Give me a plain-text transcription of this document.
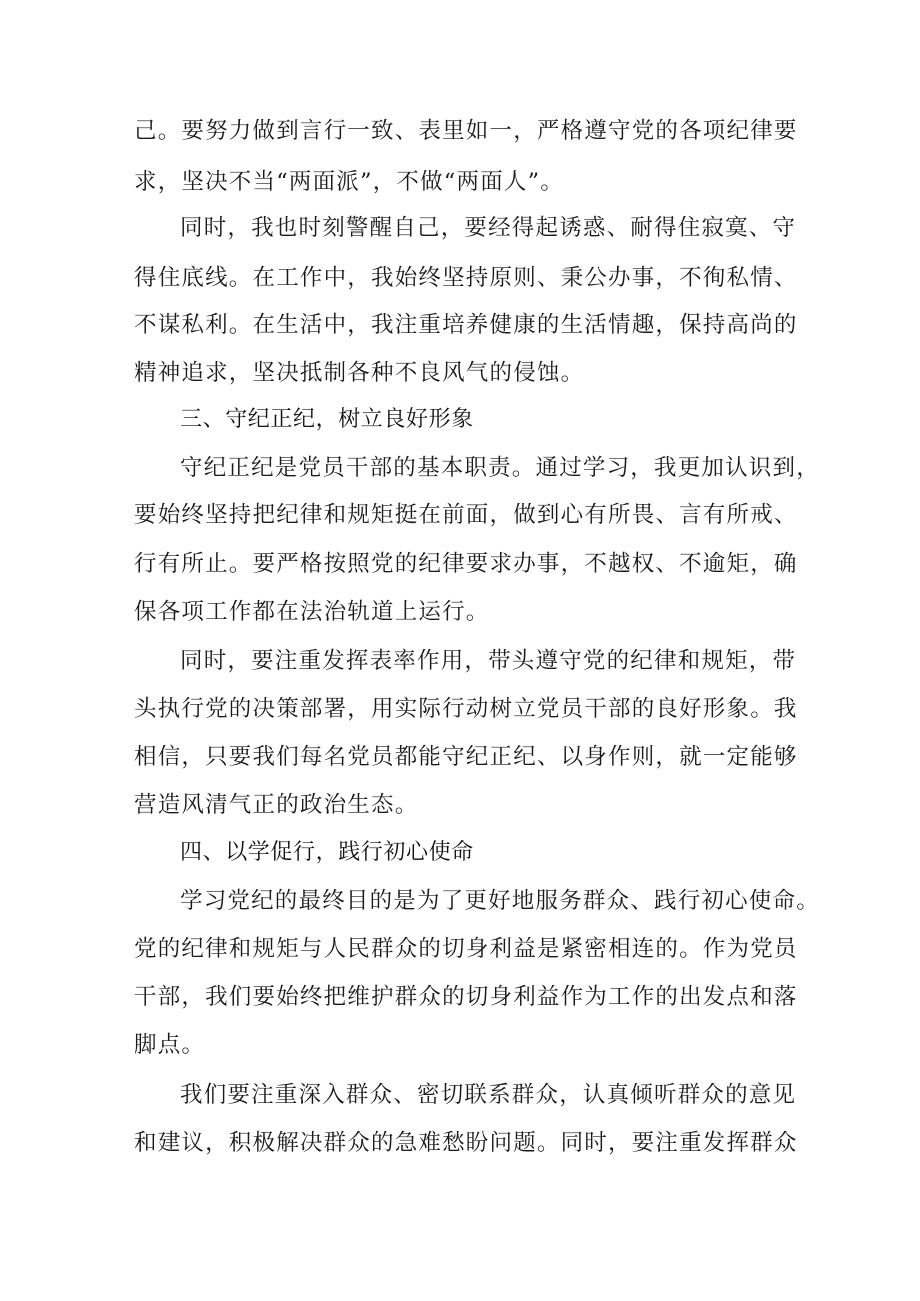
己。要努力做到言行一致、表里如一，严格遵守党的各项纪律要
求，坚决不当“两面派”，不做“两面人”。
同时，我也时刻警醒自己，要经得起诱惑、耐得住寂寞、守
得住底线。在工作中，我始终坚持原则、秉公办事，不徇私情、
不谋私利。在生活中，我注重培养健康的生活情趣，保持高尚的
精神追求，坚决抵制各种不良风气的侵蚀。
三、守纪正纪，树立良好形象
守纪正纪是党员干部的基本职责。通过学习，我更加认识到，
要始终坚持把纪律和规矩挺在前面，做到心有所畏、言有所戒、
行有所止。要严格按照党的纪律要求办事，不越权、不逾矩，确
保各项工作都在法治轨道上运行。
同时，要注重发挥表率作用，带头遵守党的纪律和规矩，带
头执行党的决策部署，用实际行动树立党员干部的良好形象。我
相信，只要我们每名党员都能守纪正纪、以身作则，就一定能够
营造风清气正的政治生态。
四、以学促行，践行初心使命
学习党纪的最终目的是为了更好地服务群众、践行初心使命。
党的纪律和规矩与人民群众的切身利益是紧密相连的。作为党员
干部，我们要始终把维护群众的切身利益作为工作的出发点和落
脚点。
我们要注重深入群众、密切联系群众，认真倾听群众的意见
和建议，积极解决群众的急难愁盼问题。同时，要注重发挥群众
